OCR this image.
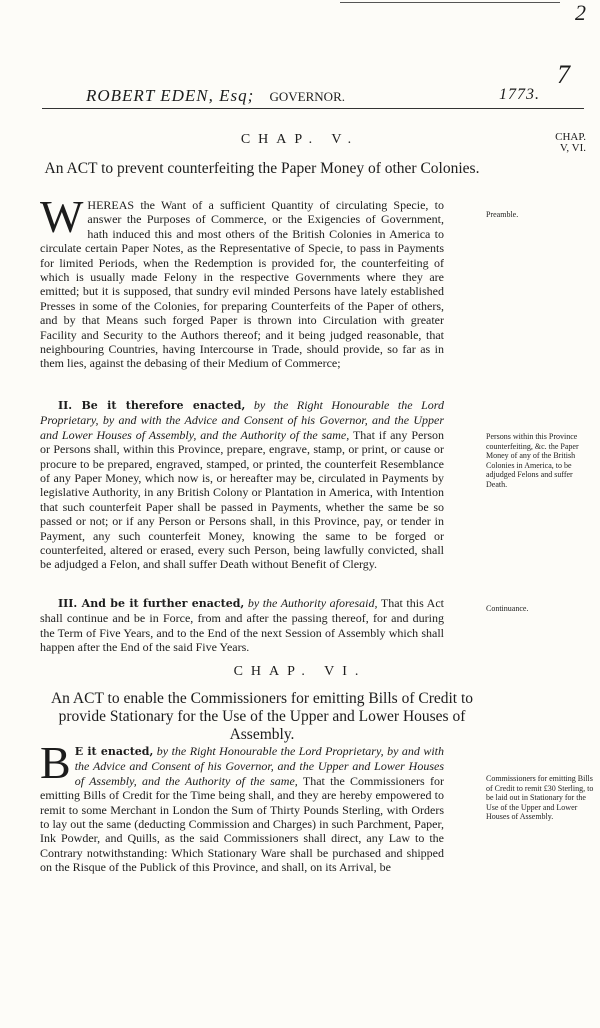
2
7
ROBERT EDEN, Esq; GOVERNOR.	1773.
CHAP.
V, VI.
CHAP. V.
An ACT to prevent counterfeiting the Paper Money of other Colonies.
W HEREAS the Want of a sufficient Quantity of circulating Specie, to answer the Purposes of Commerce, or the Exigencies of Government, hath induced this and most others of the British Colonies in America to circulate certain Paper Notes, as the Representative of Specie, to pass in Payments for limited Periods, when the Redemption is provided for, the counterfeiting of which is usually made Felony in the respective Governments where they are emitted; but it is supposed, that sundry evil minded Persons have lately established Presses in some of the Colonies, for preparing Counterfeits of the Paper of others, and by that Means such forged Paper is thrown into Circulation with greater Facility and Security to the Authors thereof; and it being judged reasonable, that neighbouring Countries, having Intercourse in Trade, should provide, so far as in them lies, against the debasing of their Medium of Commerce;
II. Be it therefore enacted, by the Right Honourable the Lord Proprietary, by and with the Advice and Consent of his Governor, and the Upper and Lower Houses of Assembly, and the Authority of the same, That if any Person or Persons shall, within this Province, prepare, engrave, stamp, or print, or cause or procure to be prepared, engraved, stamped, or printed, the counterfeit Resemblance of any Paper Money, which now is, or hereafter may be, circulated in Payments by legislative Authority, in any British Colony or Plantation in America, with Intention that such counterfeit Paper shall be passed in Payments, whether the same be so passed or not; or if any Person or Persons shall, in this Province, pay, or tender in Payment, any such counterfeit Money, knowing the same to be forged or counterfeited, altered or erased, every such Person, being lawfully convicted, shall be adjudged a Felon, and shall suffer Death without Benefit of Clergy.
III. And be it further enacted, by the Authority aforesaid, That this Act shall continue and be in Force, from and after the passing thereof, for and during the Term of Five Years, and to the End of the next Session of Assembly which shall happen after the End of the said Five Years.
CHAP. VI.
An ACT to enable the Commissioners for emitting Bills of Credit to provide Stationary for the Use of the Upper and Lower Houses of Assembly.
B E it enacted, by the Right Honourable the Lord Proprietary, by and with the Advice and Consent of his Governor, and the Upper and Lower Houses of Assembly, and the Authority of the same, That the Commissioners for emitting Bills of Credit for the Time being shall, and they are hereby empowered to remit to some Merchant in London the Sum of Thirty Pounds Sterling, with Orders to lay out the same (deducting Commission and Charges) in such Parchment, Paper, Ink Powder, and Quills, as the said Commissioners shall direct, any Law to the Contrary notwithstanding: Which Stationary Ware shall be purchased and shipped on the Risque of the Publick of this Province, and shall, on its Arrival, be
Preamble.
Persons within this Province counterfeiting, &c. the Paper Money of any of the British Colonies in America, to be adjudged Felons and suffer Death.
Continuance.
Commissioners for emitting Bills of Credit to remit £30 Sterling, to be laid out in Stationary for the Use of the Upper and Lower Houses of Assembly.
